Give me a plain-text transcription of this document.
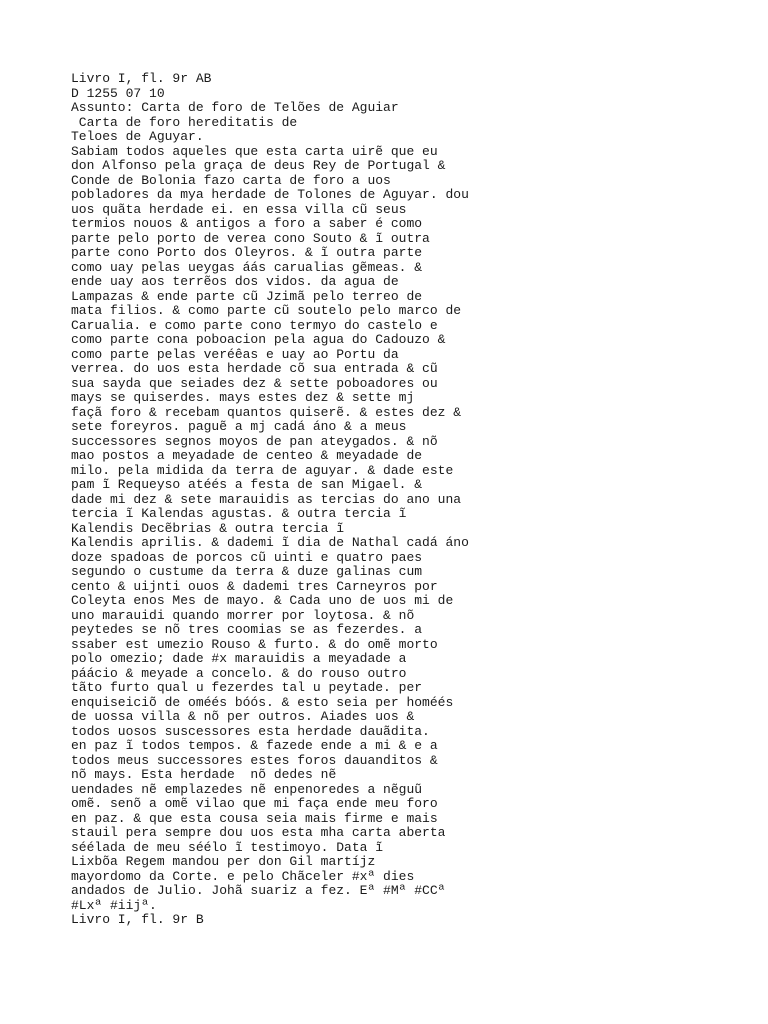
Livro I, fl. 9r AB
D 1255 07 10
Assunto: Carta de foro de Telões de Aguiar
Carta de foro hereditatis de
Teloes de Aguyar.
Sabiam todos aqueles que esta carta uirẽ que eu
don Alfonso pela graça de deus Rey de Portugal &
Conde de Bolonia fazo carta de foro a uos
pobladores da mya herdade de Tolones de Aguyar. dou
uos quãta herdade ei. en essa villa cũ seus
termios nouos & antigos a foro a saber é como
parte pelo porto de verea cono Souto & ĩ outra
parte cono Porto dos Oleyros. & ĩ outra parte
como uay pelas ueygas áás carualias gẽmeas. &
ende uay aos terrẽos dos vidos. da agua de
Lampazas & ende parte cũ Jzimã pelo terreo de
mata filios. & como parte cũ soutelo pelo marco de
Carualia. e como parte cono termyo do castelo e
como parte cona poboacion pela agua do Cadouzo &
como parte pelas veréêas e uay ao Portu da
verrea. do uos esta herdade cõ sua entrada & cũ
sua sayda que seiades dez & sette poboadores ou
mays se quiserdes. mays estes dez & sette mj
façã foro & recebam quantos quiserẽ. & estes dez &
sete foreyros. paguẽ a mj cadá áno & a meus
successores segnos moyos de pan ateygados. & nõ
mao postos a meyadade de centeo & meyadade de
milo. pela midida da terra de aguyar. & dade este
pam ĩ Requeyso atéés a festa de san Migael. &
dade mi dez & sete marauidis as tercias do ano una
tercia ĩ Kalendas agustas. & outra tercia ĩ
Kalendis Decẽbrias & outra tercia ĩ
Kalendis aprilis. & dademi ĩ dia de Nathal cadá áno
doze spadoas de porcos cũ uinti e quatro paes
segundo o custume da terra & duze galinas cum
cento & uijnti ouos & dademi tres Carneyros por
Coleyta enos Mes de mayo. & Cada uno de uos mi de
uno marauidi quando morrer por loytosa. & nõ
peytedes se nõ tres coomias se as fezerdes. a
ssaber est umezio Rouso & furto. & do omẽ morto
polo omezio; dade #x marauidis a meyadade a
páácio & meyade a concelo. & do rouso outro
tãto furto qual u fezerdes tal u peytade. per
enquiseiciõ de oméés bóós. & esto seia per homéés
de uossa villa & nõ per outros. Aiades uos &
todos uosos suscessores esta herdade dauãdita.
en paz ĩ todos tempos. & fazede ende a mi & e a
todos meus successores estes foros dauanditos &
nõ mays. Esta herdade  nõ dedes nẽ
uendades nẽ emplazedes nẽ enpenoredes a nẽguũ
omẽ. senõ a omẽ vilao que mi faça ende meu foro
en paz. & que esta cousa seia mais firme e mais
stauil pera sempre dou uos esta mha carta aberta
séélada de meu séélo ĩ testimoyo. Data ĩ
Lixbõa Regem mandou per don Gil martíjz
mayordomo da Corte. e pelo Chãceler #xª dies
andados de Julio. Johã suariz a fez. Eª #Mª #CCª
#Lxª #iijª.
Livro I, fl. 9r B
